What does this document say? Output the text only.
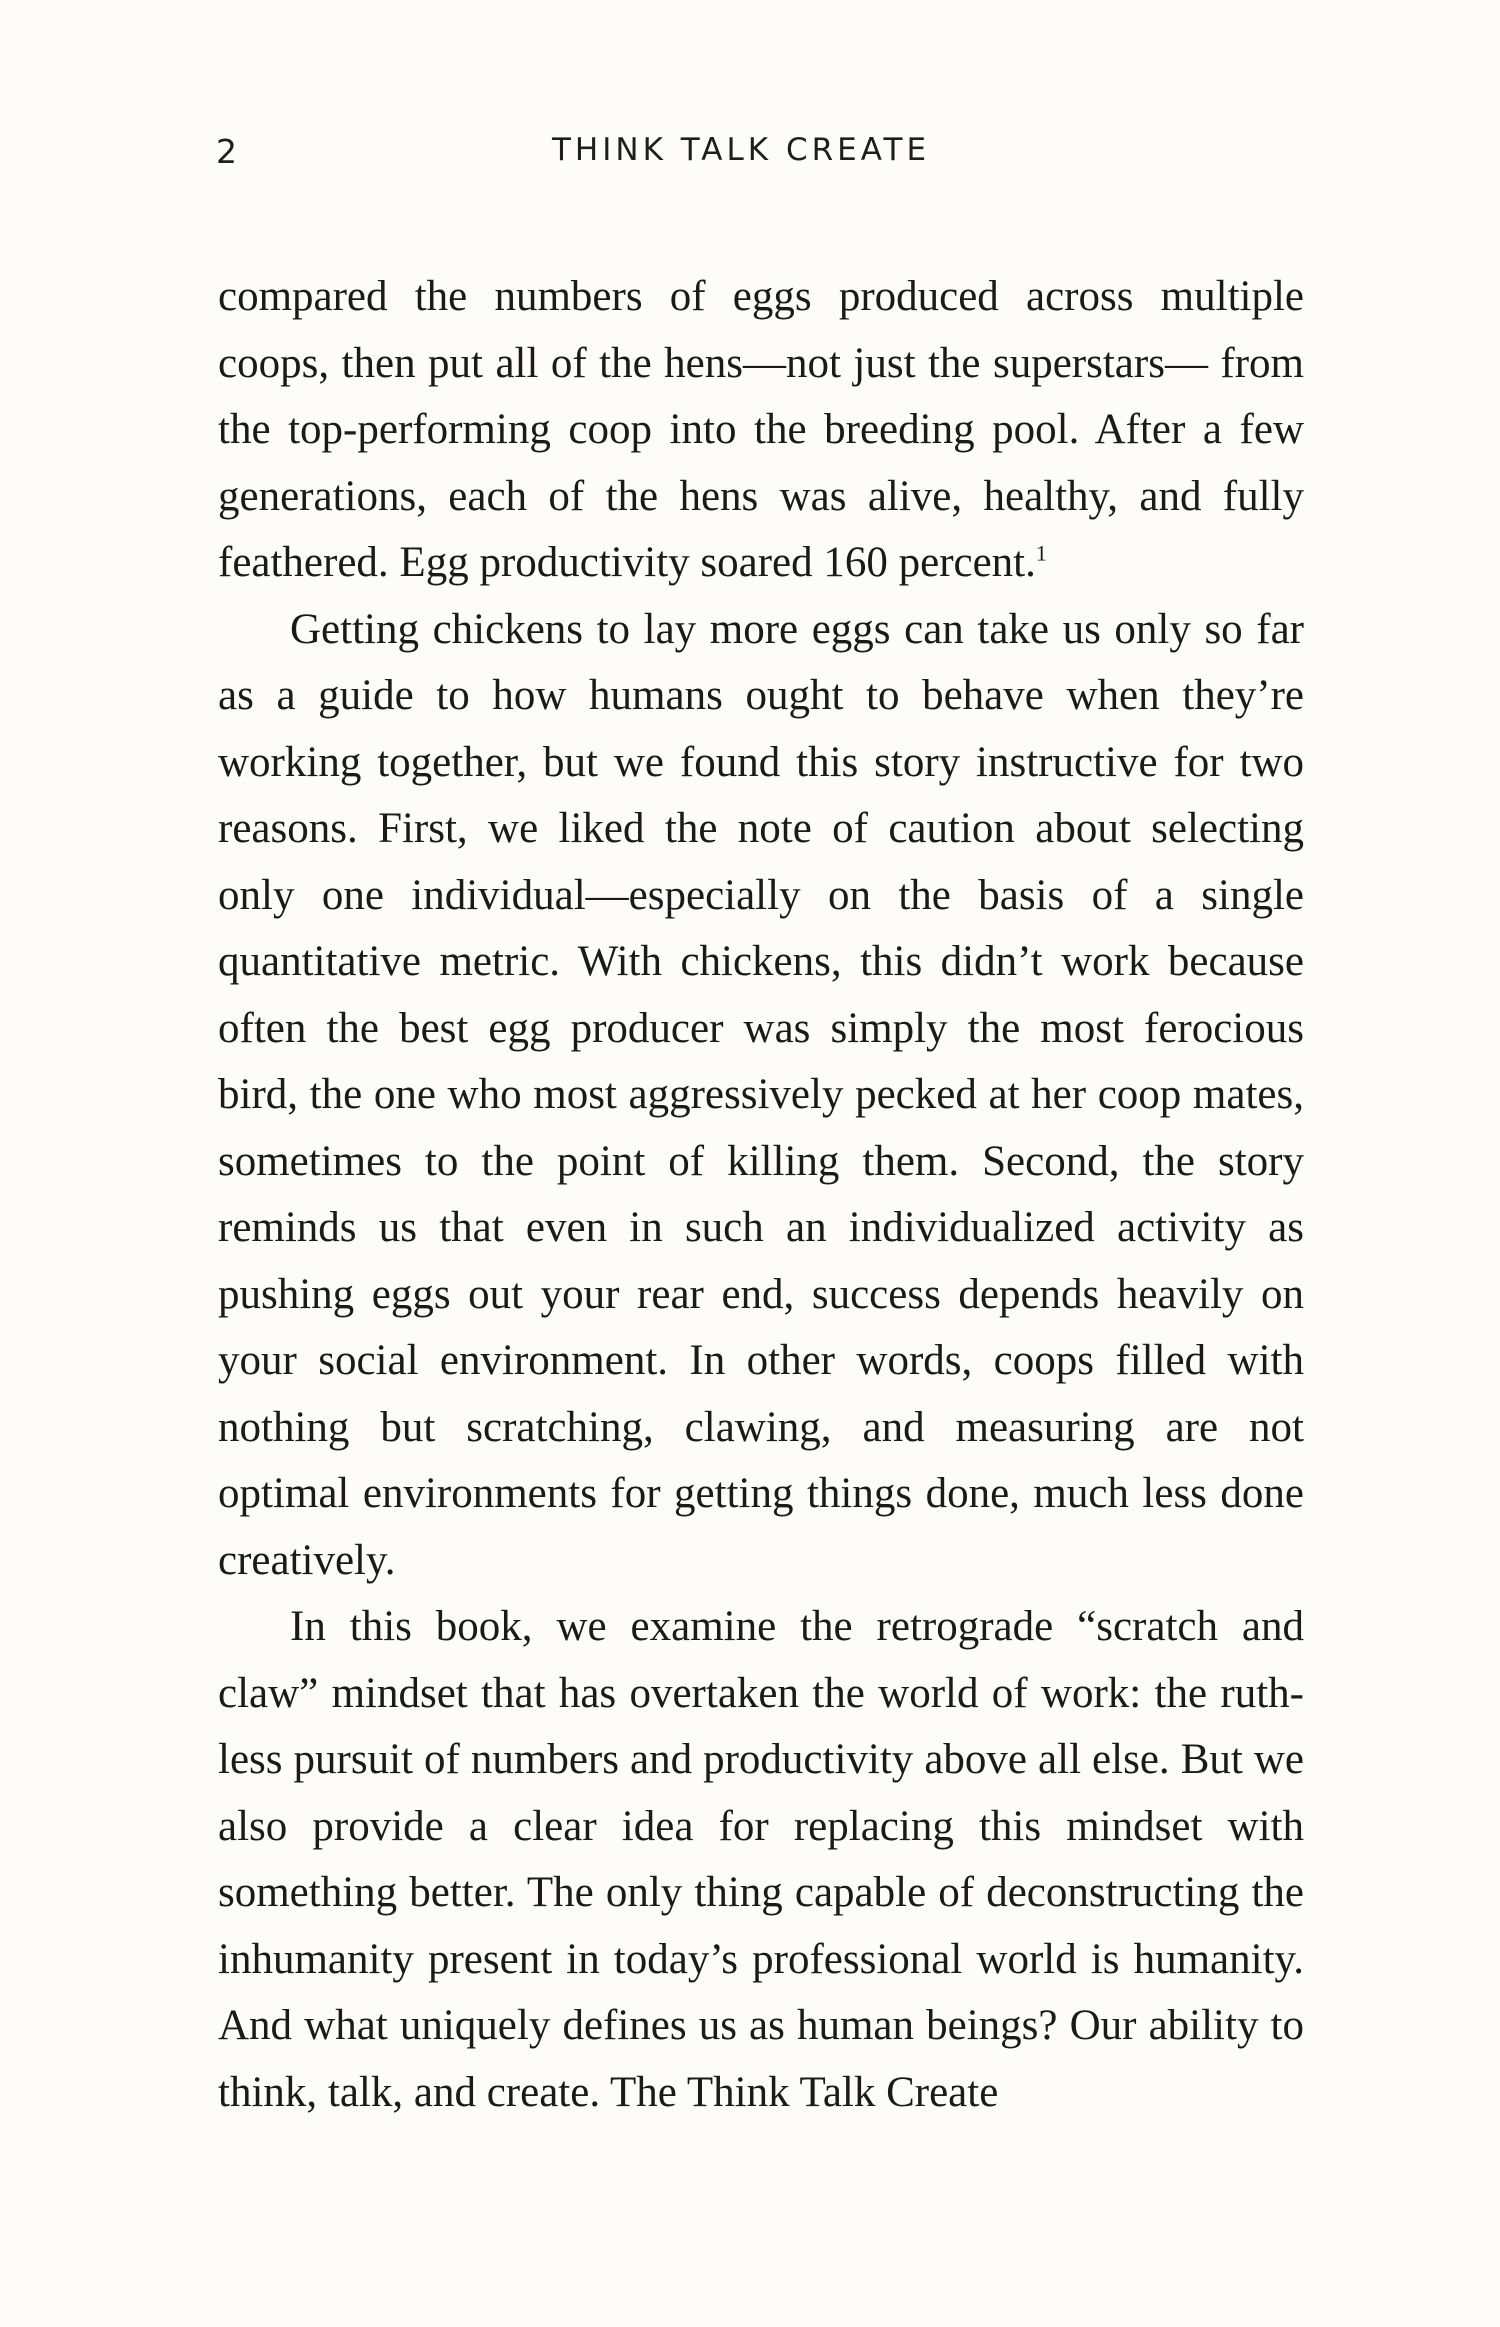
2	THINK TALK CREATE

compared the numbers of eggs produced across multiple coops, then put all of the hens—not just the superstars— from the top-performing coop into the breeding pool. After a few generations, each of the hens was alive, healthy, and fully feathered. Egg productivity soared 160 percent.$^1$

Getting chickens to lay more eggs can take us only so far as a guide to how humans ought to behave when they’re working together, but we found this story instructive for two reasons. First, we liked the note of caution about selecting only one individual—especially on the basis of a single quantitative metric. With chickens, this didn’t work because often the best egg producer was simply the most ferocious bird, the one who most aggressively pecked at her coop mates, sometimes to the point of killing them. Second, the story reminds us that even in such an individualized activity as pushing eggs out your rear end, success depends heavily on your social environment. In other words, coops filled with nothing but scratching, clawing, and measuring are not optimal environments for getting things done, much less done creatively.

In this book, we examine the retrograde “scratch and claw” mindset that has overtaken the world of work: the ruthless pursuit of numbers and productivity above all else. But we also provide a clear idea for replacing this mindset with something better. The only thing capable of deconstructing the inhumanity present in today’s professional world is humanity. And what uniquely defines us as human beings? Our ability to think, talk, and create. The Think Talk Create
